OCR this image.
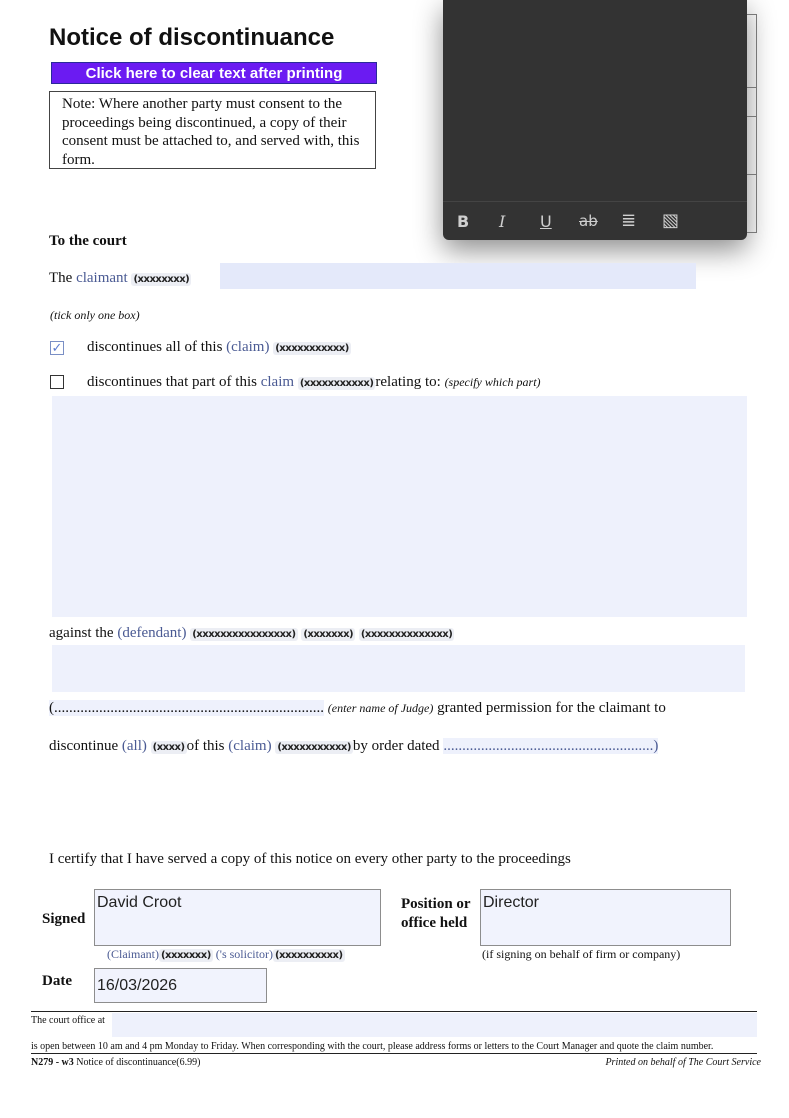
Notice of discontinuance
Click here to clear text after printing
Note: Where another party must consent to the proceedings being discontinued, a copy of their consent must be attached to, and served with, this form.
B I U ab ≣ ▧
To the court
The claimant (xxxxxxxx)
(tick only one box)
✓ discontinues all of this (claim) (xxxxxxxxxxx)
discontinues that part of this claim (xxxxxxxxxxx) relating to: (specify which part)
against the (defendant) (xxxxxxxxxxxxxxxx) (xxxxxxx) (xxxxxxxxxxxxxx)
(........................................................................ (enter name of Judge) granted permission for the claimant to
discontinue (all) (xxxx) of this (claim) (xxxxxxxxxxx) by order dated ........................................................)
I certify that I have served a copy of this notice on every other party to the proceedings
Signed
David Croot	Position or
office held
Director
(Claimant) (xxxxxxx) ('s solicitor) (xxxxxxxxxx)	(if signing on behalf of firm or company)
Date 16/03/2026
The court office at
is open between 10 am and 4 pm Monday to Friday. When corresponding with the court, please address forms or letters to the Court Manager and quote the claim number.
N279 - w3 Notice of discontinuance(6.99)	Printed on behalf of The Court Service
